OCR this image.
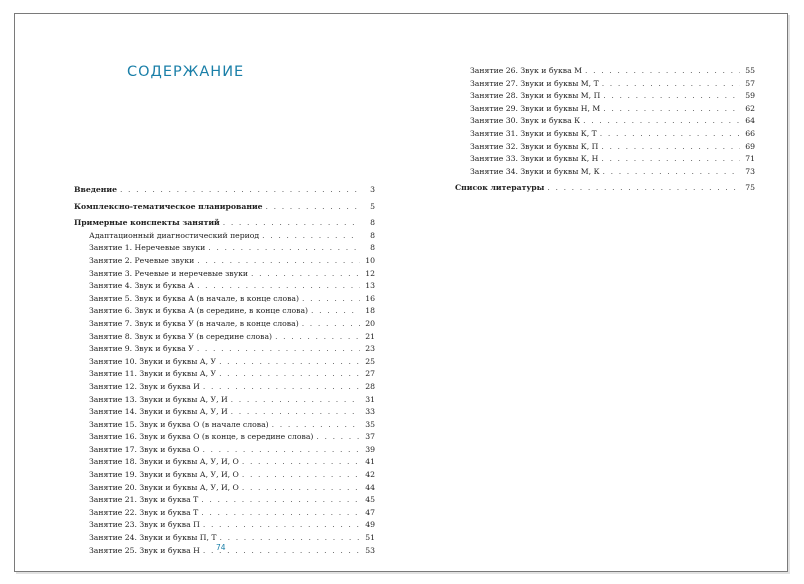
СОДЕРЖАНИЕ
Введение . . .	3
Комплексно-тематическое планирование . . .	5
Примерные конспекты занятий . . .	8
Адаптационный диагностический период . . .	8
Занятие 1. Неречевые звуки . . .	8
Занятие 2. Речевые звуки . . .	10
Занятие 3. Речевые и неречевые звуки . . .	12
Занятие 4. Звук и буква А . . .	13
Занятие 5. Звук и буква А (в начале, в конце слова) . . .	16
Занятие 6. Звук и буква А (в середине, в конце слова) . . .	18
Занятие 7. Звук и буква У (в начале, в конце слова) . . .	20
Занятие 8. Звук и буква У (в середине слова) . . .	21
Занятие 9. Звук и буква У . . .	23
Занятие 10. Звуки и буквы А, У . . .	25
Занятие 11. Звуки и буквы А, У . . .	27
Занятие 12. Звук и буква И . . .	28
Занятие 13. Звуки и буквы А, У, И . . .	31
Занятие 14. Звуки и буквы А, У, И . . .	33
Занятие 15. Звук и буква О (в начале слова) . . .	35
Занятие 16. Звук и буква О (в конце, в середине слова) . . .	37
Занятие 17. Звук и буква О . . .	39
Занятие 18. Звуки и буквы А, У, И, О . . .	41
Занятие 19. Звуки и буквы А, У, И, О . . .	42
Занятие 20. Звуки и буквы А, У, И, О . . .	44
Занятие 21. Звук и буква Т . . .	45
Занятие 22. Звук и буква Т . . .	47
Занятие 23. Звук и буква П . . .	49
Занятие 24. Звуки и буквы П, Т . . .	51
Занятие 25. Звук и буква Н . . .	53
Занятие 26. Звук и буква М . . .	55
Занятие 27. Звуки и буквы М, Т . . .	57
Занятие 28. Звуки и буквы М, П . . .	59
Занятие 29. Звуки и буквы Н, М . . .	62
Занятие 30. Звук и буква К . . .	64
Занятие 31. Звуки и буквы К, Т . . .	66
Занятие 32. Звуки и буквы К, П . . .	69
Занятие 33. Звуки и буквы К, Н . . .	71
Занятие 34. Звуки и буквы М, К . . .	73
Список литературы . . .	75
74
